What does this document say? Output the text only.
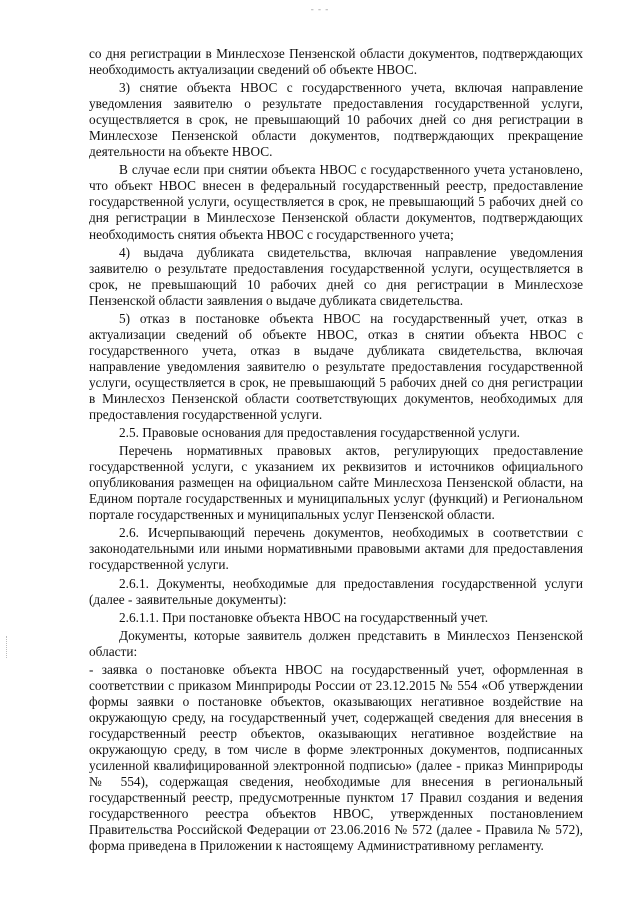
- - -

со дня регистрации в Минлесхозе Пензенской области документов, подтверждающих необходимость актуализации сведений об объекте НВОС.

3) снятие объекта НВОС с государственного учета, включая направление уведомления заявителю о результате предоставления государственной услуги, осуществляется в срок, не превышающий 10 рабочих дней со дня регистрации в Минлесхозе Пензенской области документов, подтверждающих прекращение деятельности на объекте НВОС.

В случае если при снятии объекта НВОС с государственного учета установлено, что объект НВОС внесен в федеральный государственный реестр, предоставление государственной услуги, осуществляется в срок, не превышающий 5 рабочих дней со дня регистрации в Минлесхозе Пензенской области документов, подтверждающих необходимость снятия объекта НВОС с государственного учета;

4) выдача дубликата свидетельства, включая направление уведомления заявителю о результате предоставления государственной услуги, осуществляется в срок, не превышающий 10 рабочих дней со дня регистрации в Минлесхозе Пензенской области заявления о выдаче дубликата свидетельства.

5) отказ в постановке объекта НВОС на государственный учет, отказ в актуализации сведений об объекте НВОС, отказ в снятии объекта НВОС с государственного учета, отказ в выдаче дубликата свидетельства, включая направление уведомления заявителю о результате предоставления государственной услуги, осуществляется в срок, не превышающий 5 рабочих дней со дня регистрации в Минлесхоз Пензенской области соответствующих документов, необходимых для предоставления государственной услуги.

2.5. Правовые основания для предоставления государственной услуги.

Перечень нормативных правовых актов, регулирующих предоставление государственной услуги, с указанием их реквизитов и источников официального опубликования размещен на официальном сайте Минлесхоза Пензенской области, на Едином портале государственных и муниципальных услуг (функций) и Региональном портале государственных и муниципальных услуг Пензенской области.

2.6. Исчерпывающий перечень документов, необходимых в соответствии с законодательными или иными нормативными правовыми актами для предоставления государственной услуги.

2.6.1. Документы, необходимые для предоставления государственной услуги (далее - заявительные документы):

2.6.1.1. При постановке объекта НВОС на государственный учет.

Документы, которые заявитель должен представить в Минлесхоз Пензенской области:

- заявка о постановке объекта НВОС на государственный учет, оформленная в соответствии с приказом Минприроды России от 23.12.2015 № 554 «Об утверждении формы заявки о постановке объектов, оказывающих негативное воздействие на окружающую среду, на государственный учет, содержащей сведения для внесения в государственный реестр объектов, оказывающих негативное воздействие на окружающую среду, в том числе в форме электронных документов, подписанных усиленной квалифицированной электронной подписью» (далее - приказ Минприроды № 554), содержащая сведения, необходимые для внесения в региональный государственный реестр, предусмотренные пунктом 17 Правил создания и ведения государственного реестра объектов НВОС, утвержденных постановлением Правительства Российской Федерации от 23.06.2016 № 572 (далее - Правила № 572), форма приведена в Приложении к настоящему Административному регламенту.
